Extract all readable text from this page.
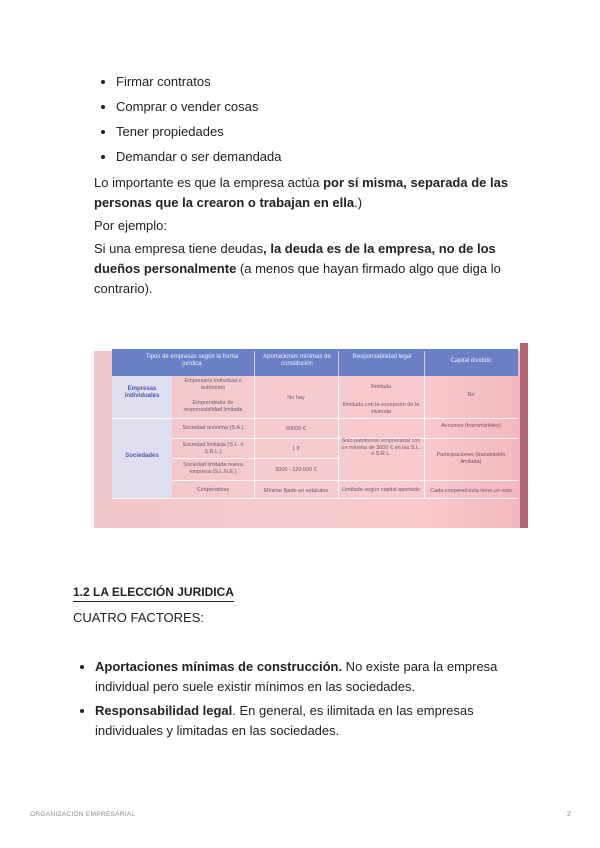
Firmar contratos
Comprar o vender cosas
Tener propiedades
Demandar o ser demandada

Lo importante es que la empresa actúa por sí misma, separada de las personas que la crearon o trabajan en ella.)

Por ejemplo:

Si una empresa tiene deudas, la deuda es de la empresa, no de los dueños personalmente (a menos que hayan firmado algo que diga lo contrario).

Tipos de empresas según la forma jurídica
Aportaciones mínimas de constitución
Responsabilidad legal
Capital dividido
Empresas individuales
Sociedades
Empresario individual o autónomo
Emprendedor de responsabilidad limitada
Sociedad anónima (S.A.)
Sociedad limitada (S.L. o S.R.L.)
Sociedad limitada nueva empresa (S.L.N.E.)
Cooperativas
No hay
60000 €
1 €
3000 - 120 000 €
Mínimo fijado en estatutos
Ilimitada
Ilimitada con la excepción de la vivienda
Solo patrimonio empresarial con un mínimo de 3000 € en las S.L. o S.R.L.
Limitada según capital aportado
No
Acciones (transmisibles)
Participaciones (transmisión limitada)
Cada cooperativista tiene un voto
1.2 LA ELECCIÓN JURIDICA

CUATRO FACTORES:

Aportaciones mínimas de construcción. No existe para la empresa individual pero suele existir mínimos en las sociedades.
Responsabilidad legal. En general, es ilimitada en las empresas individuales y limitadas en las sociedades.
ORGANIZACIÓN EMPRESARIAL	2
